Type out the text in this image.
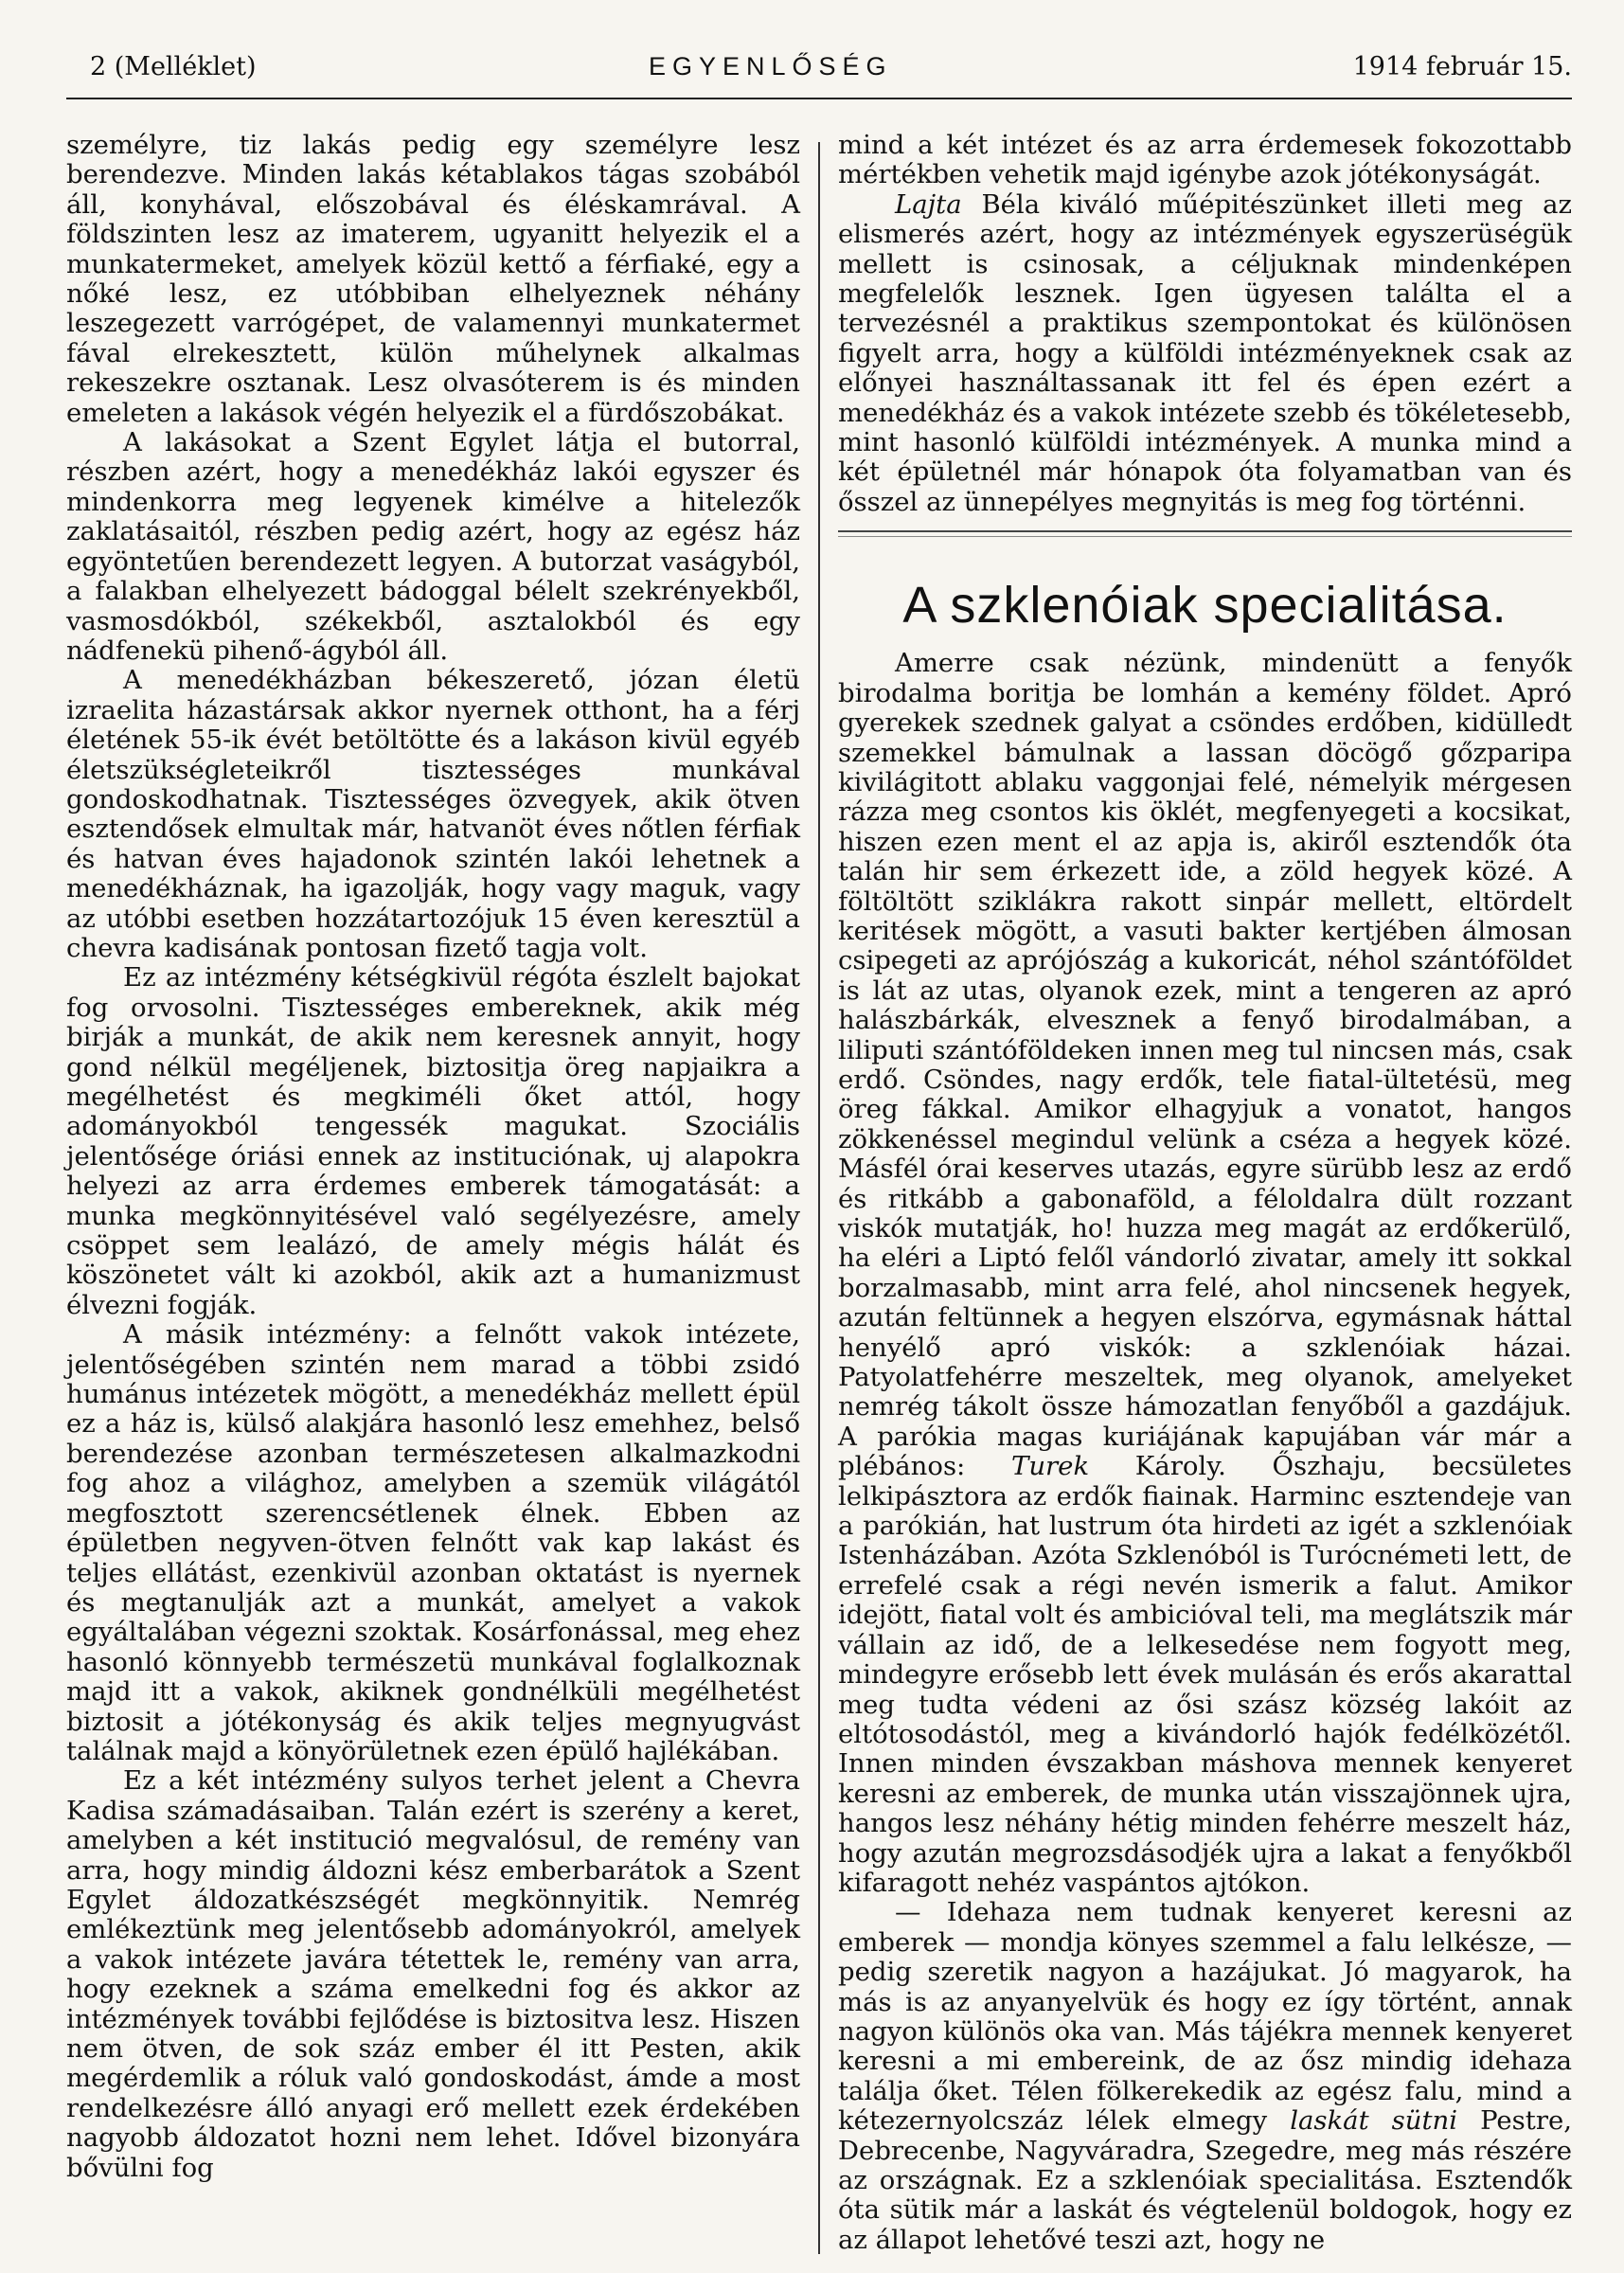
2 (Melléklet)	EGYENLŐSÉG	1914 február 15.

személyre, tiz lakás pedig egy személyre lesz berendezve. Minden lakás kétablakos tágas szobából áll, konyhával, előszobával és éléskamrával. A földszinten lesz az imaterem, ugyanitt helyezik el a munkatermeket, amelyek közül kettő a férfiaké, egy a nőké lesz, ez utóbbiban elhelyeznek néhány leszegezett varrógépet, de valamennyi munkatermet fával elrekesztett, külön műhelynek alkalmas rekeszekre osztanak. Lesz olvasóterem is és minden emeleten a lakások végén helyezik el a fürdőszobákat.

A lakásokat a Szent Egylet látja el butorral, részben azért, hogy a menedékház lakói egyszer és mindenkorra meg legyenek kimélve a hitelezők zaklatásaitól, részben pedig azért, hogy az egész ház egyöntetűen berendezett legyen. A butorzat vaságyból, a falakban elhelyezett bádoggal bélelt szekrényekből, vasmosdókból, székekből, asztalokból és egy nádfenekü pihenő-ágyból áll.

A menedékházban békeszerető, józan életü izraelita házastársak akkor nyernek otthont, ha a férj életének 55-ik évét betöltötte és a lakáson kivül egyéb életszükségleteikről tisztességes munkával gondoskodhatnak. Tisztességes özvegyek, akik ötven esztendősek elmultak már, hatvanöt éves nőtlen férfiak és hatvan éves hajadonok szintén lakói lehetnek a menedékháznak, ha igazolják, hogy vagy maguk, vagy az utóbbi esetben hozzátartozójuk 15 éven keresztül a chevra kadisának pontosan fizető tagja volt.

Ez az intézmény kétségkivül régóta észlelt bajokat fog orvosolni. Tisztességes embereknek, akik még birják a munkát, de akik nem keresnek annyit, hogy gond nélkül megéljenek, biztositja öreg napjaikra a megélhetést és megkiméli őket attól, hogy adományokból tengessék magukat. Szociális jelentősége óriási ennek az instituciónak, uj alapokra helyezi az arra érdemes emberek támogatását: a munka megkönnyitésével való segélyezésre, amely csöppet sem lealázó, de amely mégis hálát és köszönetet vált ki azokból, akik azt a humanizmust élvezni fogják.

A másik intézmény: a felnőtt vakok intézete, jelentőségében szintén nem marad a többi zsidó humánus intézetek mögött, a menedékház mellett épül ez a ház is, külső alakjára hasonló lesz emehhez, belső berendezése azonban természetesen alkalmazkodni fog ahoz a világhoz, amelyben a szemük világától megfosztott szerencsétlenek élnek. Ebben az épületben negyven-ötven felnőtt vak kap lakást és teljes ellátást, ezenkivül azonban oktatást is nyernek és megtanulják azt a munkát, amelyet a vakok egyáltalában végezni szoktak. Kosárfonással, meg ehez hasonló könnyebb természetü munkával foglalkoznak majd itt a vakok, akiknek gondnélküli megélhetést biztosit a jótékonyság és akik teljes megnyugvást találnak majd a könyörületnek ezen épülő hajlékában.

Ez a két intézmény sulyos terhet jelent a Chevra Kadisa számadásaiban. Talán ezért is szerény a keret, amelyben a két institució megvalósul, de remény van arra, hogy mindig áldozni kész emberbarátok a Szent Egylet áldozatkészségét megkönnyitik. Nemrég emlékeztünk meg jelentősebb adományokról, amelyek a vakok intézete javára tétettek le, remény van arra, hogy ezeknek a száma emelkedni fog és akkor az intézmények további fejlődése is biztositva lesz. Hiszen nem ötven, de sok száz ember él itt Pesten, akik megérdemlik a róluk való gondoskodást, ámde a most rendelkezésre álló anyagi erő mellett ezek érdekében nagyobb áldozatot hozni nem lehet. Idővel bizonyára bővülni fog

mind a két intézet és az arra érdemesek fokozottabb mértékben vehetik majd igénybe azok jótékonyságát.

Lajta Béla kiváló műépitészünket illeti meg az elismerés azért, hogy az intézmények egyszerüségük mellett is csinosak, a céljuknak mindenképen megfelelők lesznek. Igen ügyesen találta el a tervezésnél a praktikus szempontokat és különösen figyelt arra, hogy a külföldi intézményeknek csak az előnyei használtassanak itt fel és épen ezért a menedékház és a vakok intézete szebb és tökéletesebb, mint hasonló külföldi intézmények. A munka mind a két épületnél már hónapok óta folyamatban van és ősszel az ünnepélyes megnyitás is meg fog történni.

A szklenóiak specialitása.

Amerre csak nézünk, mindenütt a fenyők birodalma boritja be lomhán a kemény földet. Apró gyerekek szednek galyat a csöndes erdőben, kidülledt szemekkel bámulnak a lassan döcögő gőzparipa kivilágitott ablaku vaggonjai felé, némelyik mérgesen rázza meg csontos kis öklét, megfenyegeti a kocsikat, hiszen ezen ment el az apja is, akiről esztendők óta talán hir sem érkezett ide, a zöld hegyek közé. A föltöltött sziklákra rakott sinpár mellett, eltördelt keritések mögött, a vasuti bakter kertjében álmosan csipegeti az aprójószág a kukoricát, néhol szántóföldet is lát az utas, olyanok ezek, mint a tengeren az apró halászbárkák, elvesznek a fenyő birodalmában, a liliputi szántóföldeken innen meg tul nincsen más, csak erdő. Csöndes, nagy erdők, tele fiatal-ültetésü, meg öreg fákkal. Amikor elhagyjuk a vonatot, hangos zökkenéssel megindul velünk a cséza a hegyek közé. Másfél órai keserves utazás, egyre sürübb lesz az erdő és ritkább a gabonaföld, a féloldalra dült rozzant viskók mutatják, ho! huzza meg magát az erdőkerülő, ha eléri a Liptó felől vándorló zivatar, amely itt sokkal borzalmasabb, mint arra felé, ahol nincsenek hegyek, azután feltünnek a hegyen elszórva, egymásnak háttal henyélő apró viskók: a szklenóiak házai. Patyolatfehérre meszeltek, meg olyanok, amelyeket nemrég tákolt össze hámozatlan fenyőből a gazdájuk. A parókia magas kuriájának kapujában vár már a plébános: Turek Károly. Őszhaju, becsületes lelkipásztora az erdők fiainak. Harminc esztendeje van a parókián, hat lustrum óta hirdeti az igét a szklenóiak Istenházában. Azóta Szklenóból is Turócnémeti lett, de errefelé csak a régi nevén ismerik a falut. Amikor idejött, fiatal volt és ambicióval teli, ma meglátszik már vállain az idő, de a lelkesedése nem fogyott meg, mindegyre erősebb lett évek mulásán és erős akarattal meg tudta védeni az ősi szász község lakóit az eltótosodástól, meg a kivándorló hajók fedélközétől. Innen minden évszakban máshova mennek kenyeret keresni az emberek, de munka után visszajönnek ujra, hangos lesz néhány hétig minden fehérre meszelt ház, hogy azután megrozsdásodjék ujra a lakat a fenyőkből kifaragott nehéz vaspántos ajtókon.

— Idehaza nem tudnak kenyeret keresni az emberek — mondja könyes szemmel a falu lelkésze, — pedig szeretik nagyon a hazájukat. Jó magyarok, ha más is az anyanyelvük és hogy ez így történt, annak nagyon különös oka van. Más tájékra mennek kenyeret keresni a mi embereink, de az ősz mindig idehaza találja őket. Télen fölkerekedik az egész falu, mind a kétezernyolcszáz lélek elmegy laskát sütni Pestre, Debrecenbe, Nagyváradra, Szegedre, meg más részére az országnak. Ez a szklenóiak specialitása. Esztendők óta sütik már a laskát és végtelenül boldogok, hogy ez az állapot lehetővé teszi azt, hogy ne
